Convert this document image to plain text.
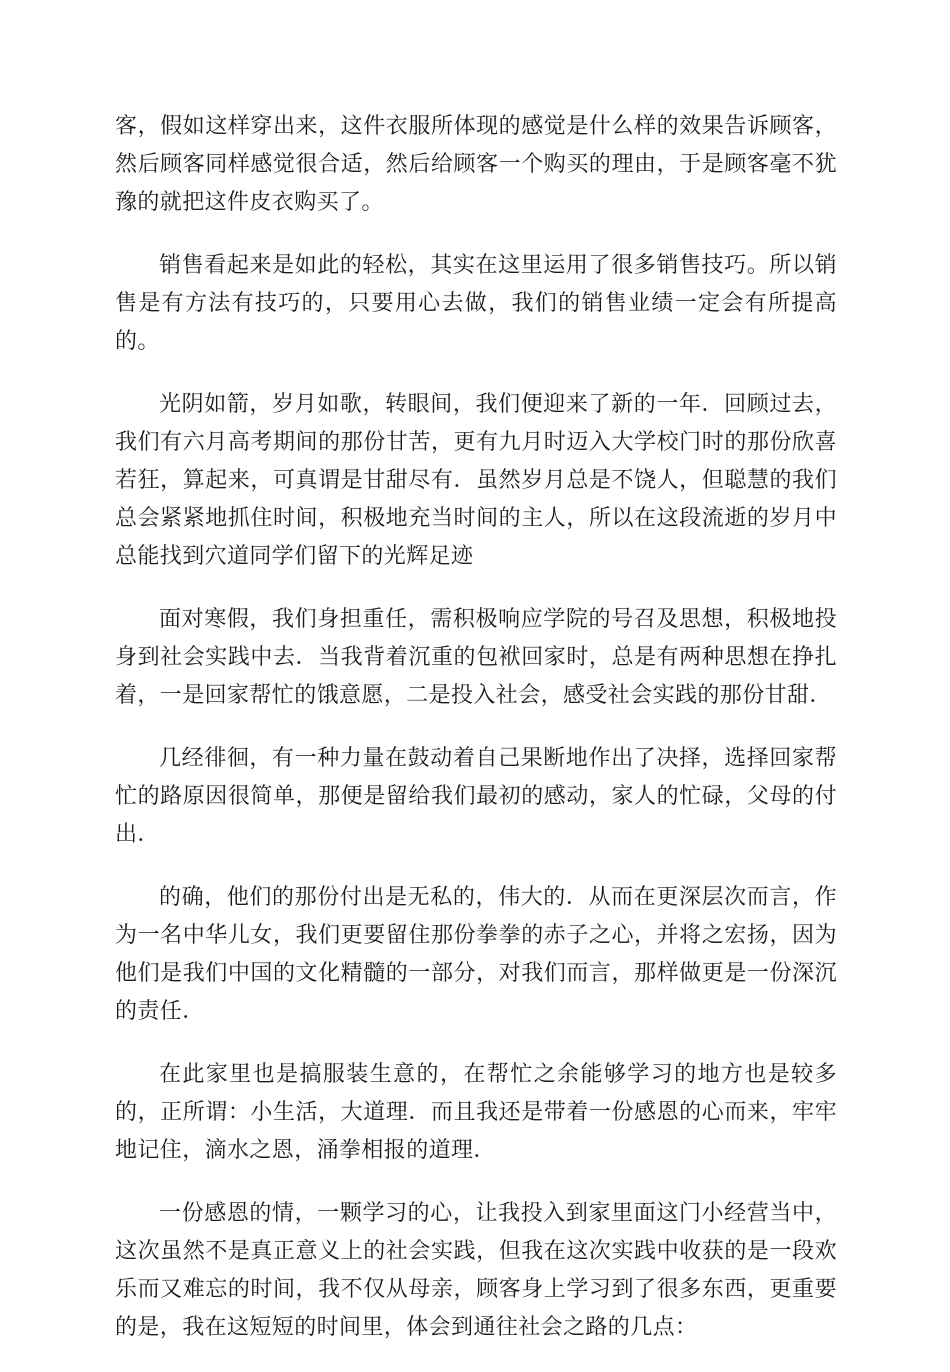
客，假如这样穿出来，这件衣服所体现的感觉是什么样的效果告诉顾客，然后顾客同样感觉很合适，然后给顾客一个购买的理由，于是顾客毫不犹豫的就把这件皮衣购买了。

销售看起来是如此的轻松，其实在这里运用了很多销售技巧。所以销售是有方法有技巧的，只要用心去做，我们的销售业绩一定会有所提高的。

光阴如箭，岁月如歌，转眼间，我们便迎来了新的一年．回顾过去，我们有六月高考期间的那份甘苦，更有九月时迈入大学校门时的那份欣喜若狂，算起来，可真谓是甘甜尽有．虽然岁月总是不饶人，但聪慧的我们总会紧紧地抓住时间，积极地充当时间的主人，所以在这段流逝的岁月中总能找到穴道同学们留下的光辉足迹

面对寒假，我们身担重任，需积极响应学院的号召及思想，积极地投身到社会实践中去．当我背着沉重的包袱回家时，总是有两种思想在挣扎着，一是回家帮忙的饿意愿，二是投入社会，感受社会实践的那份甘甜．

几经徘徊，有一种力量在鼓动着自己果断地作出了决择，选择回家帮忙的路原因很简单，那便是留给我们最初的感动，家人的忙碌，父母的付出．

的确，他们的那份付出是无私的，伟大的．从而在更深层次而言，作为一名中华儿女，我们更要留住那份拳拳的赤子之心，并将之宏扬，因为他们是我们中国的文化精髓的一部分，对我们而言，那样做更是一份深沉的责任．

在此家里也是搞服装生意的，在帮忙之余能够学习的地方也是较多的，正所谓：小生活，大道理．而且我还是带着一份感恩的心而来，牢牢地记住，滴水之恩，涌拳相报的道理．

一份感恩的情，一颗学习的心，让我投入到家里面这门小经营当中，这次虽然不是真正意义上的社会实践，但我在这次实践中收获的是一段欢乐而又难忘的时间，我不仅从母亲，顾客身上学习到了很多东西，更重要的是，我在这短短的时间里，体会到通往社会之路的几点：
